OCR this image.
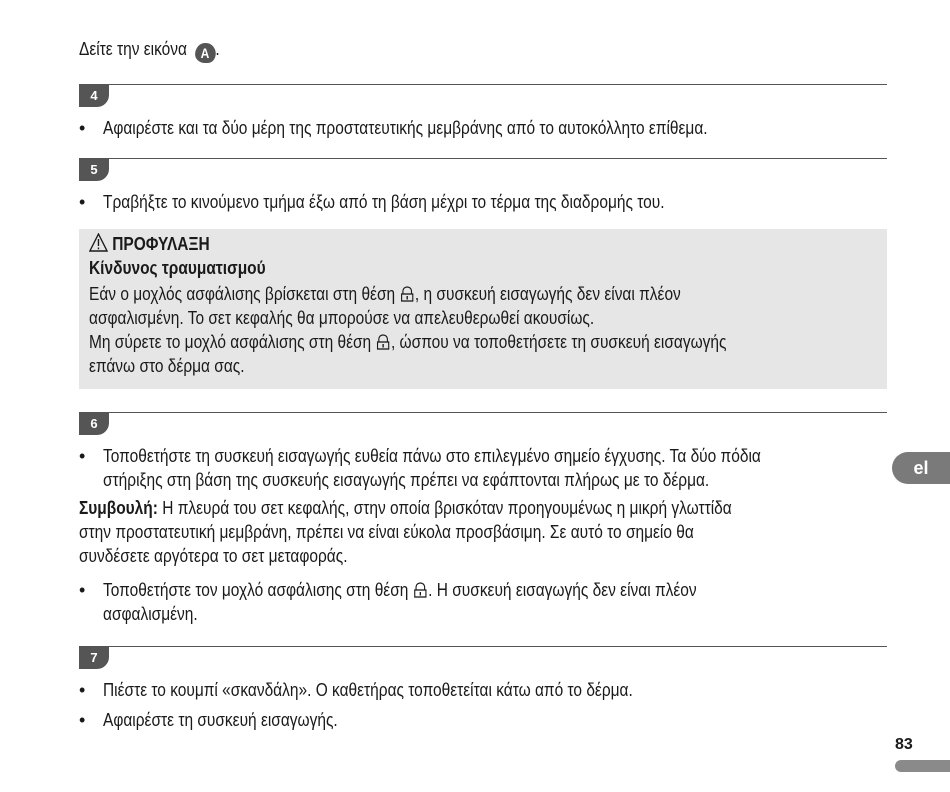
Δείτε την εικόνα A .
4
• Αφαιρέστε και τα δύο μέρη της προστατευτικής μεμβράνης από το αυτοκόλλητο επίθεμα.
5
• Τραβήξτε το κινούμενο τμήμα έξω από τη βάση μέχρι το τέρμα της διαδρομής του.
ΠΡΟΦΥΛΑΞΗ
Κίνδυνος τραυματισμού
Εάν ο μοχλός ασφάλισης βρίσκεται στη θέση , η συσκευή εισαγωγής δεν είναι πλέον
ασφαλισμένη. Το σετ κεφαλής θα μπορούσε να απελευθερωθεί ακουσίως.
Μη σύρετε το μοχλό ασφάλισης στη θέση , ώσπου να τοποθετήσετε τη συσκευή εισαγωγής
επάνω στο δέρμα σας.
6
• Τοποθετήστε τη συσκευή εισαγωγής ευθεία πάνω στο επιλεγμένο σημείο έγχυσης. Τα δύο πόδια
στήριξης στη βάση της συσκευής εισαγωγής πρέπει να εφάπτονται πλήρως με το δέρμα.
Συμβουλή: Η πλευρά του σετ κεφαλής, στην οποία βρισκόταν προηγουμένως η μικρή γλωττίδα
στην προστατευτική μεμβράνη, πρέπει να είναι εύκολα προσβάσιμη. Σε αυτό το σημείο θα
συνδέσετε αργότερα το σετ μεταφοράς.
• Τοποθετήστε τον μοχλό ασφάλισης στη θέση . Η συσκευή εισαγωγής δεν είναι πλέον
ασφαλισμένη.
7
• Πιέστε το κουμπί «σκανδάλη». Ο καθετήρας τοποθετείται κάτω από το δέρμα.
• Αφαιρέστε τη συσκευή εισαγωγής.
el
83
